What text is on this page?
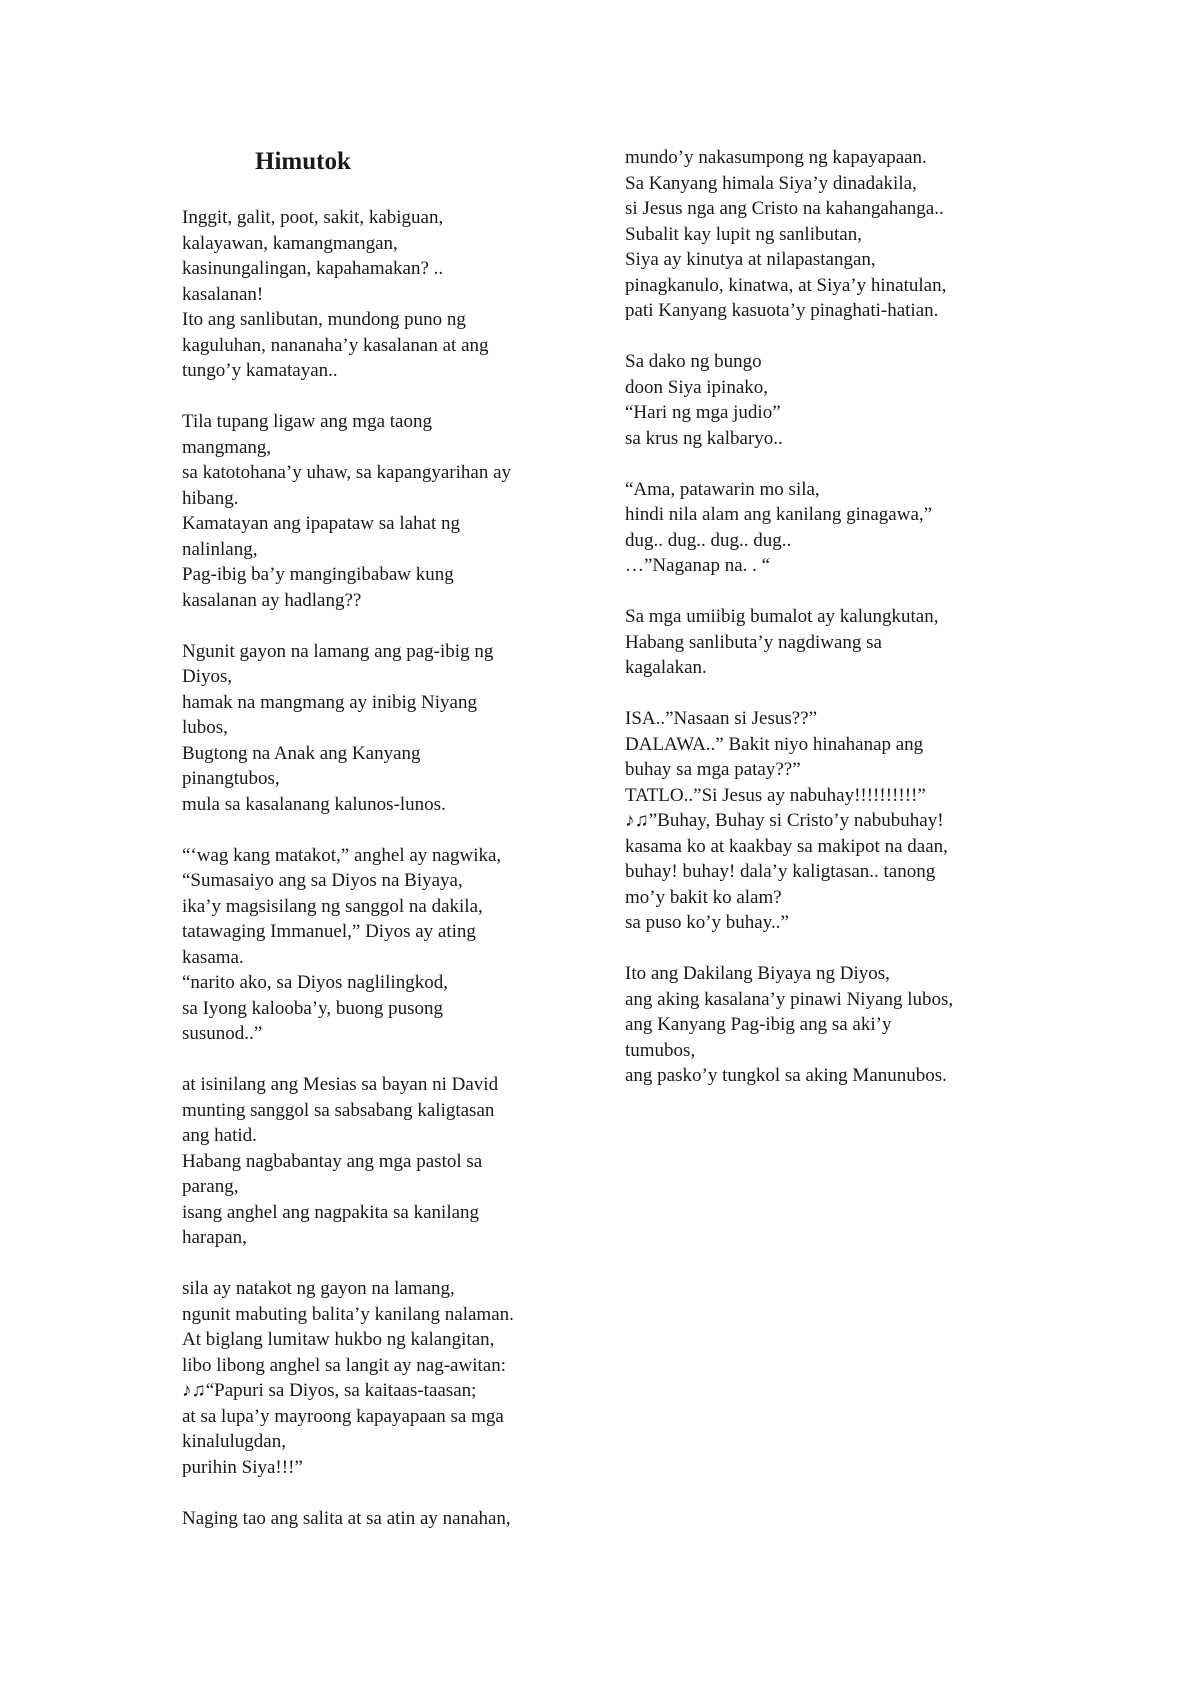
Himutok
Inggit, galit, poot, sakit, kabiguan,
kalayawan, kamangmangan,
kasinungalingan, kapahamakan? ..
kasalanan!
Ito ang sanlibutan, mundong puno ng
kaguluhan, nananaha’y kasalanan at ang
tungo’y kamatayan..
Tila tupang ligaw ang mga taong
mangmang,
sa katotohana’y uhaw, sa kapangyarihan ay
hibang.
Kamatayan ang ipapataw sa lahat ng
nalinlang,
Pag-ibig ba’y mangingibabaw kung
kasalanan ay hadlang??
Ngunit gayon na lamang ang pag-ibig ng
Diyos,
hamak na mangmang ay inibig Niyang
lubos,
Bugtong na Anak ang Kanyang
pinangtubos,
mula sa kasalanang kalunos-lunos.
“‘wag kang matakot,” anghel ay nagwika,
“Sumasaiyo ang sa Diyos na Biyaya,
ika’y magsisilang ng sanggol na dakila,
tatawaging Immanuel,” Diyos ay ating
kasama.
“narito ako, sa Diyos naglilingkod,
sa Iyong kalooba’y, buong pusong
susunod..”
at isinilang ang Mesias sa bayan ni David
munting sanggol sa sabsabang kaligtasan
ang hatid.
Habang nagbabantay ang mga pastol sa
parang,
isang anghel ang nagpakita sa kanilang
harapan,
sila ay natakot ng gayon na lamang,
ngunit mabuting balita’y kanilang nalaman.
At biglang lumitaw hukbo ng kalangitan,
libo libong anghel sa langit ay nag-awitan:
♪♫“Papuri sa Diyos, sa kaitaas-taasan;
at sa lupa’y mayroong kapayapaan sa mga
kinalulugdan,
purihin Siya!!!”
Naging tao ang salita at sa atin ay nanahan,
mundo’y nakasumpong ng kapayapaan.
Sa Kanyang himala Siya’y dinadakila,
si Jesus nga ang Cristo na kahangahanga..
Subalit kay lupit ng sanlibutan,
Siya ay kinutya at nilapastangan,
pinagkanulo, kinatwa, at Siya’y hinatulan,
pati Kanyang kasuota’y pinaghati-hatian.
Sa dako ng bungo
doon Siya ipinako,
“Hari ng mga judio”
sa krus ng kalbaryo..
“Ama, patawarin mo sila,
hindi nila alam ang kanilang ginagawa,”
dug.. dug.. dug.. dug..
…”Naganap na. . “
Sa mga umiibig bumalot ay kalungkutan,
Habang sanlibuta’y nagdiwang sa
kagalakan.
ISA..”Nasaan si Jesus??”
DALAWA..” Bakit niyo hinahanap ang
buhay sa mga patay??”
TATLO..”Si Jesus ay nabuhay!!!!!!!!!!”
♪♫”Buhay, Buhay si Cristo’y nabubuhay!
kasama ko at kaakbay sa makipot na daan,
buhay! buhay! dala’y kaligtasan.. tanong
mo’y bakit ko alam?
sa puso ko’y buhay..”
Ito ang Dakilang Biyaya ng Diyos,
ang aking kasalana’y pinawi Niyang lubos,
ang Kanyang Pag-ibig ang sa aki’y
tumubos,
ang pasko’y tungkol sa aking Manunubos.
